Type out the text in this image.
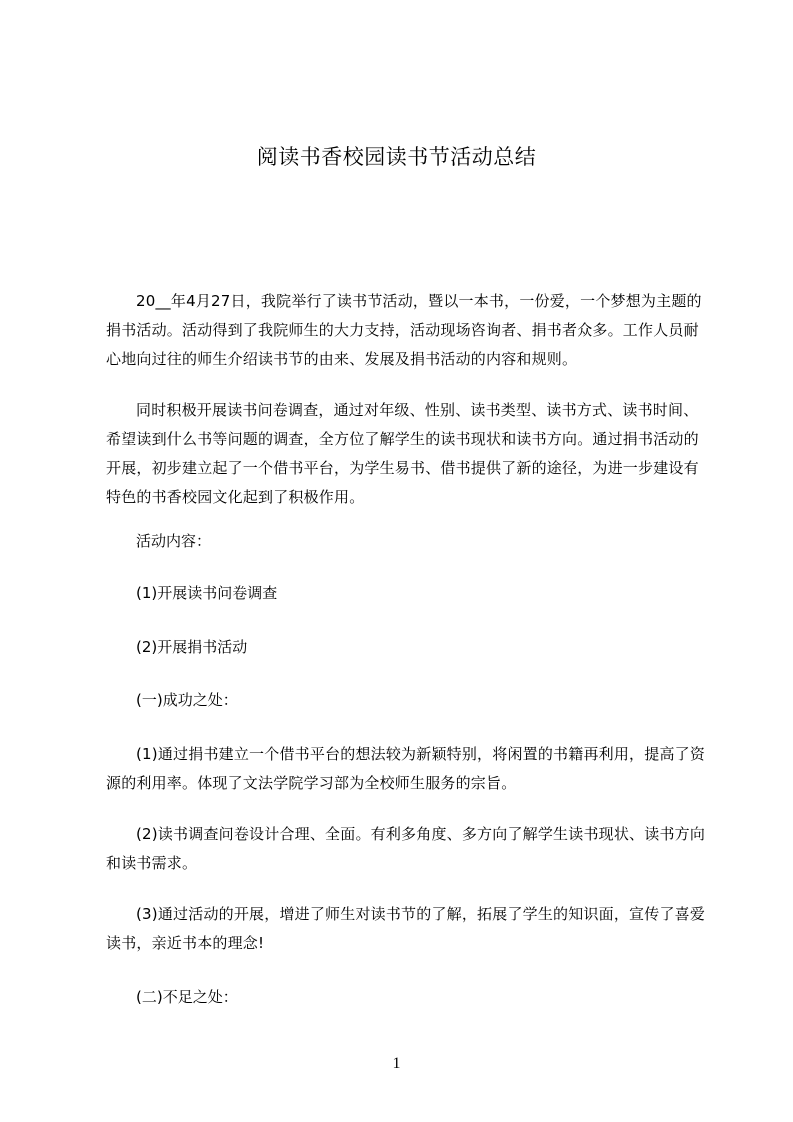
阅读书香校园读书节活动总结
20__年4月27日，我院举行了读书节活动，暨以一本书，一份爱，一个梦想为主题的捐书活动。活动得到了我院师生的大力支持，活动现场咨询者、捐书者众多。工作人员耐心地向过往的师生介绍读书节的由来、发展及捐书活动的内容和规则。
同时积极开展读书问卷调查，通过对年级、性别、读书类型、读书方式、读书时间、希望读到什么书等问题的调查，全方位了解学生的读书现状和读书方向。通过捐书活动的开展，初步建立起了一个借书平台，为学生易书、借书提供了新的途径，为进一步建设有特色的书香校园文化起到了积极作用。
活动内容：
(1)开展读书问卷调查
(2)开展捐书活动
(一)成功之处：
(1)通过捐书建立一个借书平台的想法较为新颖特别，将闲置的书籍再利用，提高了资源的利用率。体现了文法学院学习部为全校师生服务的宗旨。
(2)读书调查问卷设计合理、全面。有利多角度、多方向了解学生读书现状、读书方向和读书需求。
(3)通过活动的开展，增进了师生对读书节的了解，拓展了学生的知识面，宣传了喜爱读书，亲近书本的理念!
(二)不足之处：
1
